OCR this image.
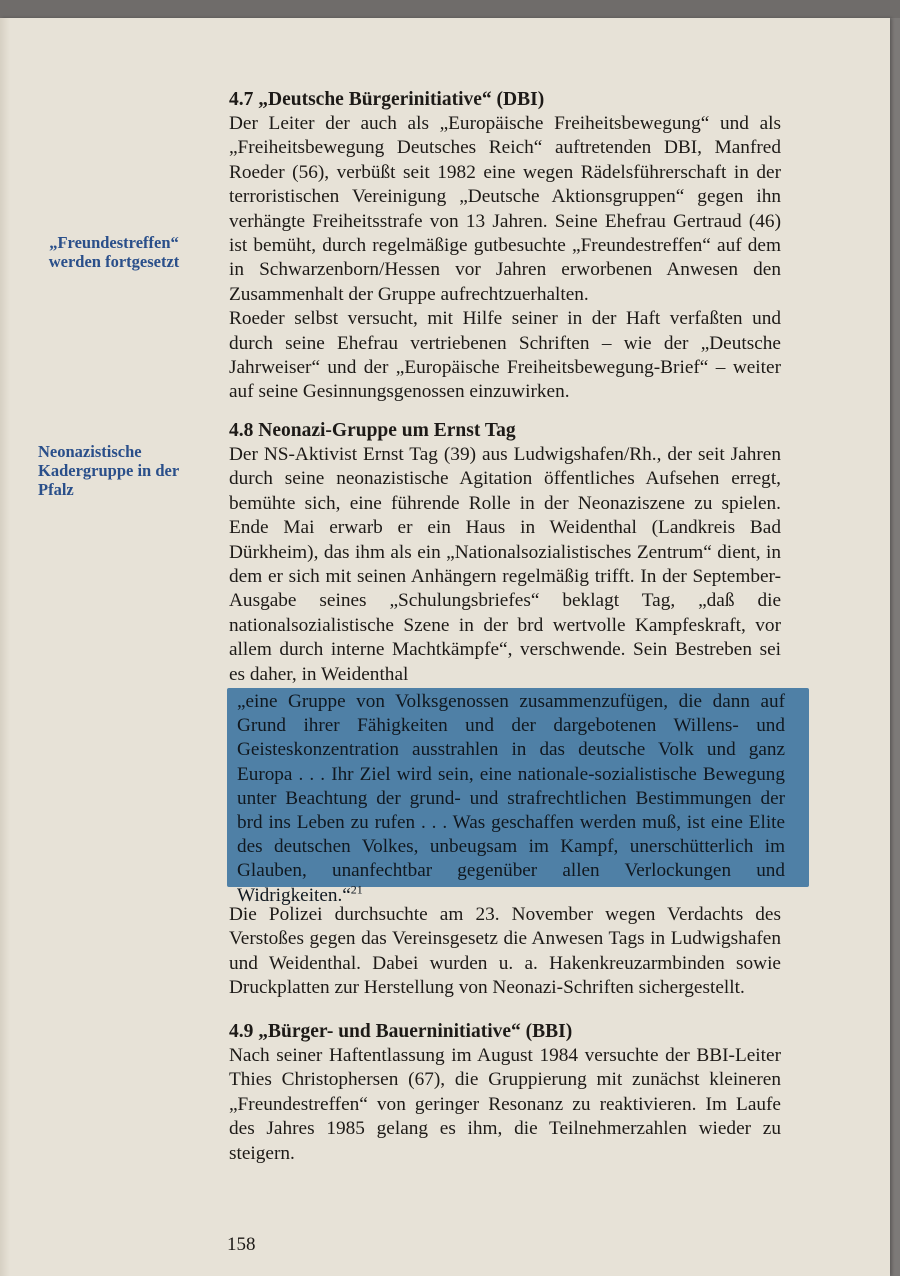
„Freundestreffen“ werden fortgesetzt
Neonazistische Kadergruppe in der Pfalz
4.7 „Deutsche Bürgerinitiative“ (DBI)

Der Leiter der auch als „Europäische Freiheitsbewegung“ und als „Freiheitsbewegung Deutsches Reich“ auftretenden DBI, Manfred Roeder (56), verbüßt seit 1982 eine wegen Rädelsführerschaft in der terroristischen Vereinigung „Deutsche Aktionsgruppen“ gegen ihn verhängte Freiheitsstrafe von 13 Jahren. Seine Ehefrau Gertraud (46) ist bemüht, durch regelmäßige gutbesuchte „Freundestreffen“ auf dem in Schwarzenborn/Hessen vor Jahren erworbenen Anwesen den Zusammenhalt der Gruppe aufrechtzuerhalten.

Roeder selbst versucht, mit Hilfe seiner in der Haft verfaßten und durch seine Ehefrau vertriebenen Schriften – wie der „Deutsche Jahrweiser“ und der „Europäische Freiheitsbewegung-Brief“ – weiter auf seine Gesinnungsgenossen einzuwirken.

4.8 Neonazi-Gruppe um Ernst Tag

Der NS-Aktivist Ernst Tag (39) aus Ludwigshafen/Rh., der seit Jahren durch seine neonazistische Agitation öffentliches Aufsehen erregt, bemühte sich, eine führende Rolle in der Neonaziszene zu spielen. Ende Mai erwarb er ein Haus in Weidenthal (Landkreis Bad Dürkheim), das ihm als ein „Nationalsozialistisches Zentrum“ dient, in dem er sich mit seinen Anhängern regelmäßig trifft. In der September-Ausgabe seines „Schulungsbriefes“ beklagt Tag, „daß die nationalsozialistische Szene in der brd wertvolle Kampfeskraft, vor allem durch interne Machtkämpfe“, verschwende. Sein Bestreben sei es daher, in Weidenthal

„eine Gruppe von Volksgenossen zusammenzufügen, die dann auf Grund ihrer Fähigkeiten und der dargebotenen Willens- und Geisteskonzentration ausstrahlen in das deutsche Volk und ganz Europa . . . Ihr Ziel wird sein, eine nationale-sozialistische Bewegung unter Beachtung der grund- und strafrechtlichen Bestimmungen der brd ins Leben zu rufen . . . Was geschaffen werden muß, ist eine Elite des deutschen Volkes, unbeugsam im Kampf, unerschütterlich im Glauben, unanfechtbar gegenüber allen Verlockungen und Widrigkeiten.“$^{21}$

Die Polizei durchsuchte am 23. November wegen Verdachts des Verstoßes gegen das Vereinsgesetz die Anwesen Tags in Ludwigshafen und Weidenthal. Dabei wurden u. a. Hakenkreuzarmbinden sowie Druckplatten zur Herstellung von Neonazi-Schriften sichergestellt.

4.9 „Bürger- und Bauerninitiative“ (BBI)

Nach seiner Haftentlassung im August 1984 versuchte der BBI-Leiter Thies Christophersen (67), die Gruppierung mit zunächst kleineren „Freundestreffen“ von geringer Resonanz zu reaktivieren. Im Laufe des Jahres 1985 gelang es ihm, die Teilnehmerzahlen wieder zu steigern.

158
